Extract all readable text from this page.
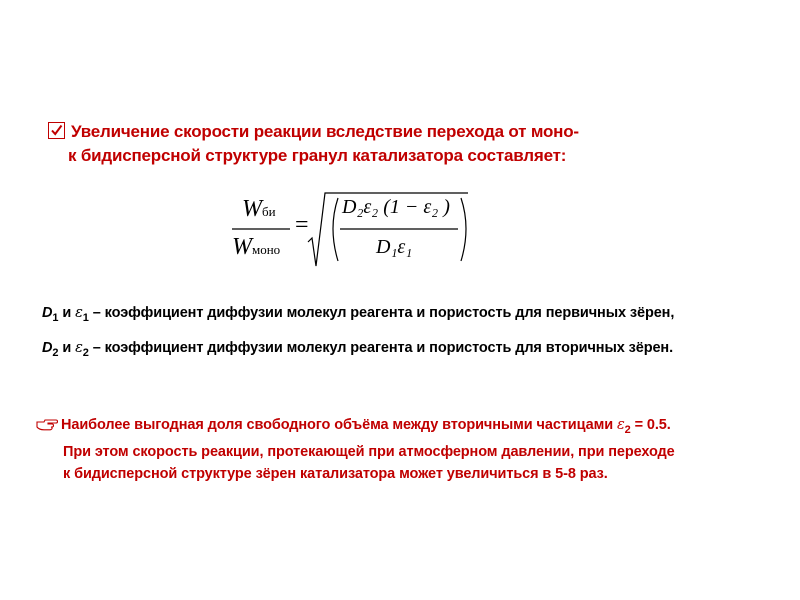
Увеличение скорости реакции вследствие перехода от моно-
к бидисперсной структуре гранул катализатора составляет:
Wби
Wмоно
=
D₂ε₂ (1 − ε₂ )
D₁ε₁
$D_1$ и $\varepsilon_1$ – коэффициент диффузии молекул реагента и пористость для первичных зёрен,
$D_2$ и $\varepsilon_2$ – коэффициент диффузии молекул реагента и пористость для вторичных зёрен.
Наиболее выгодная доля свободного объёма между вторичными частицами $\varepsilon_2 = 0.5$.
При этом скорость реакции, протекающей при атмосферном давлении, при переходе
к бидисперсной структуре зёрен катализатора может увеличиться в 5-8 раз.
